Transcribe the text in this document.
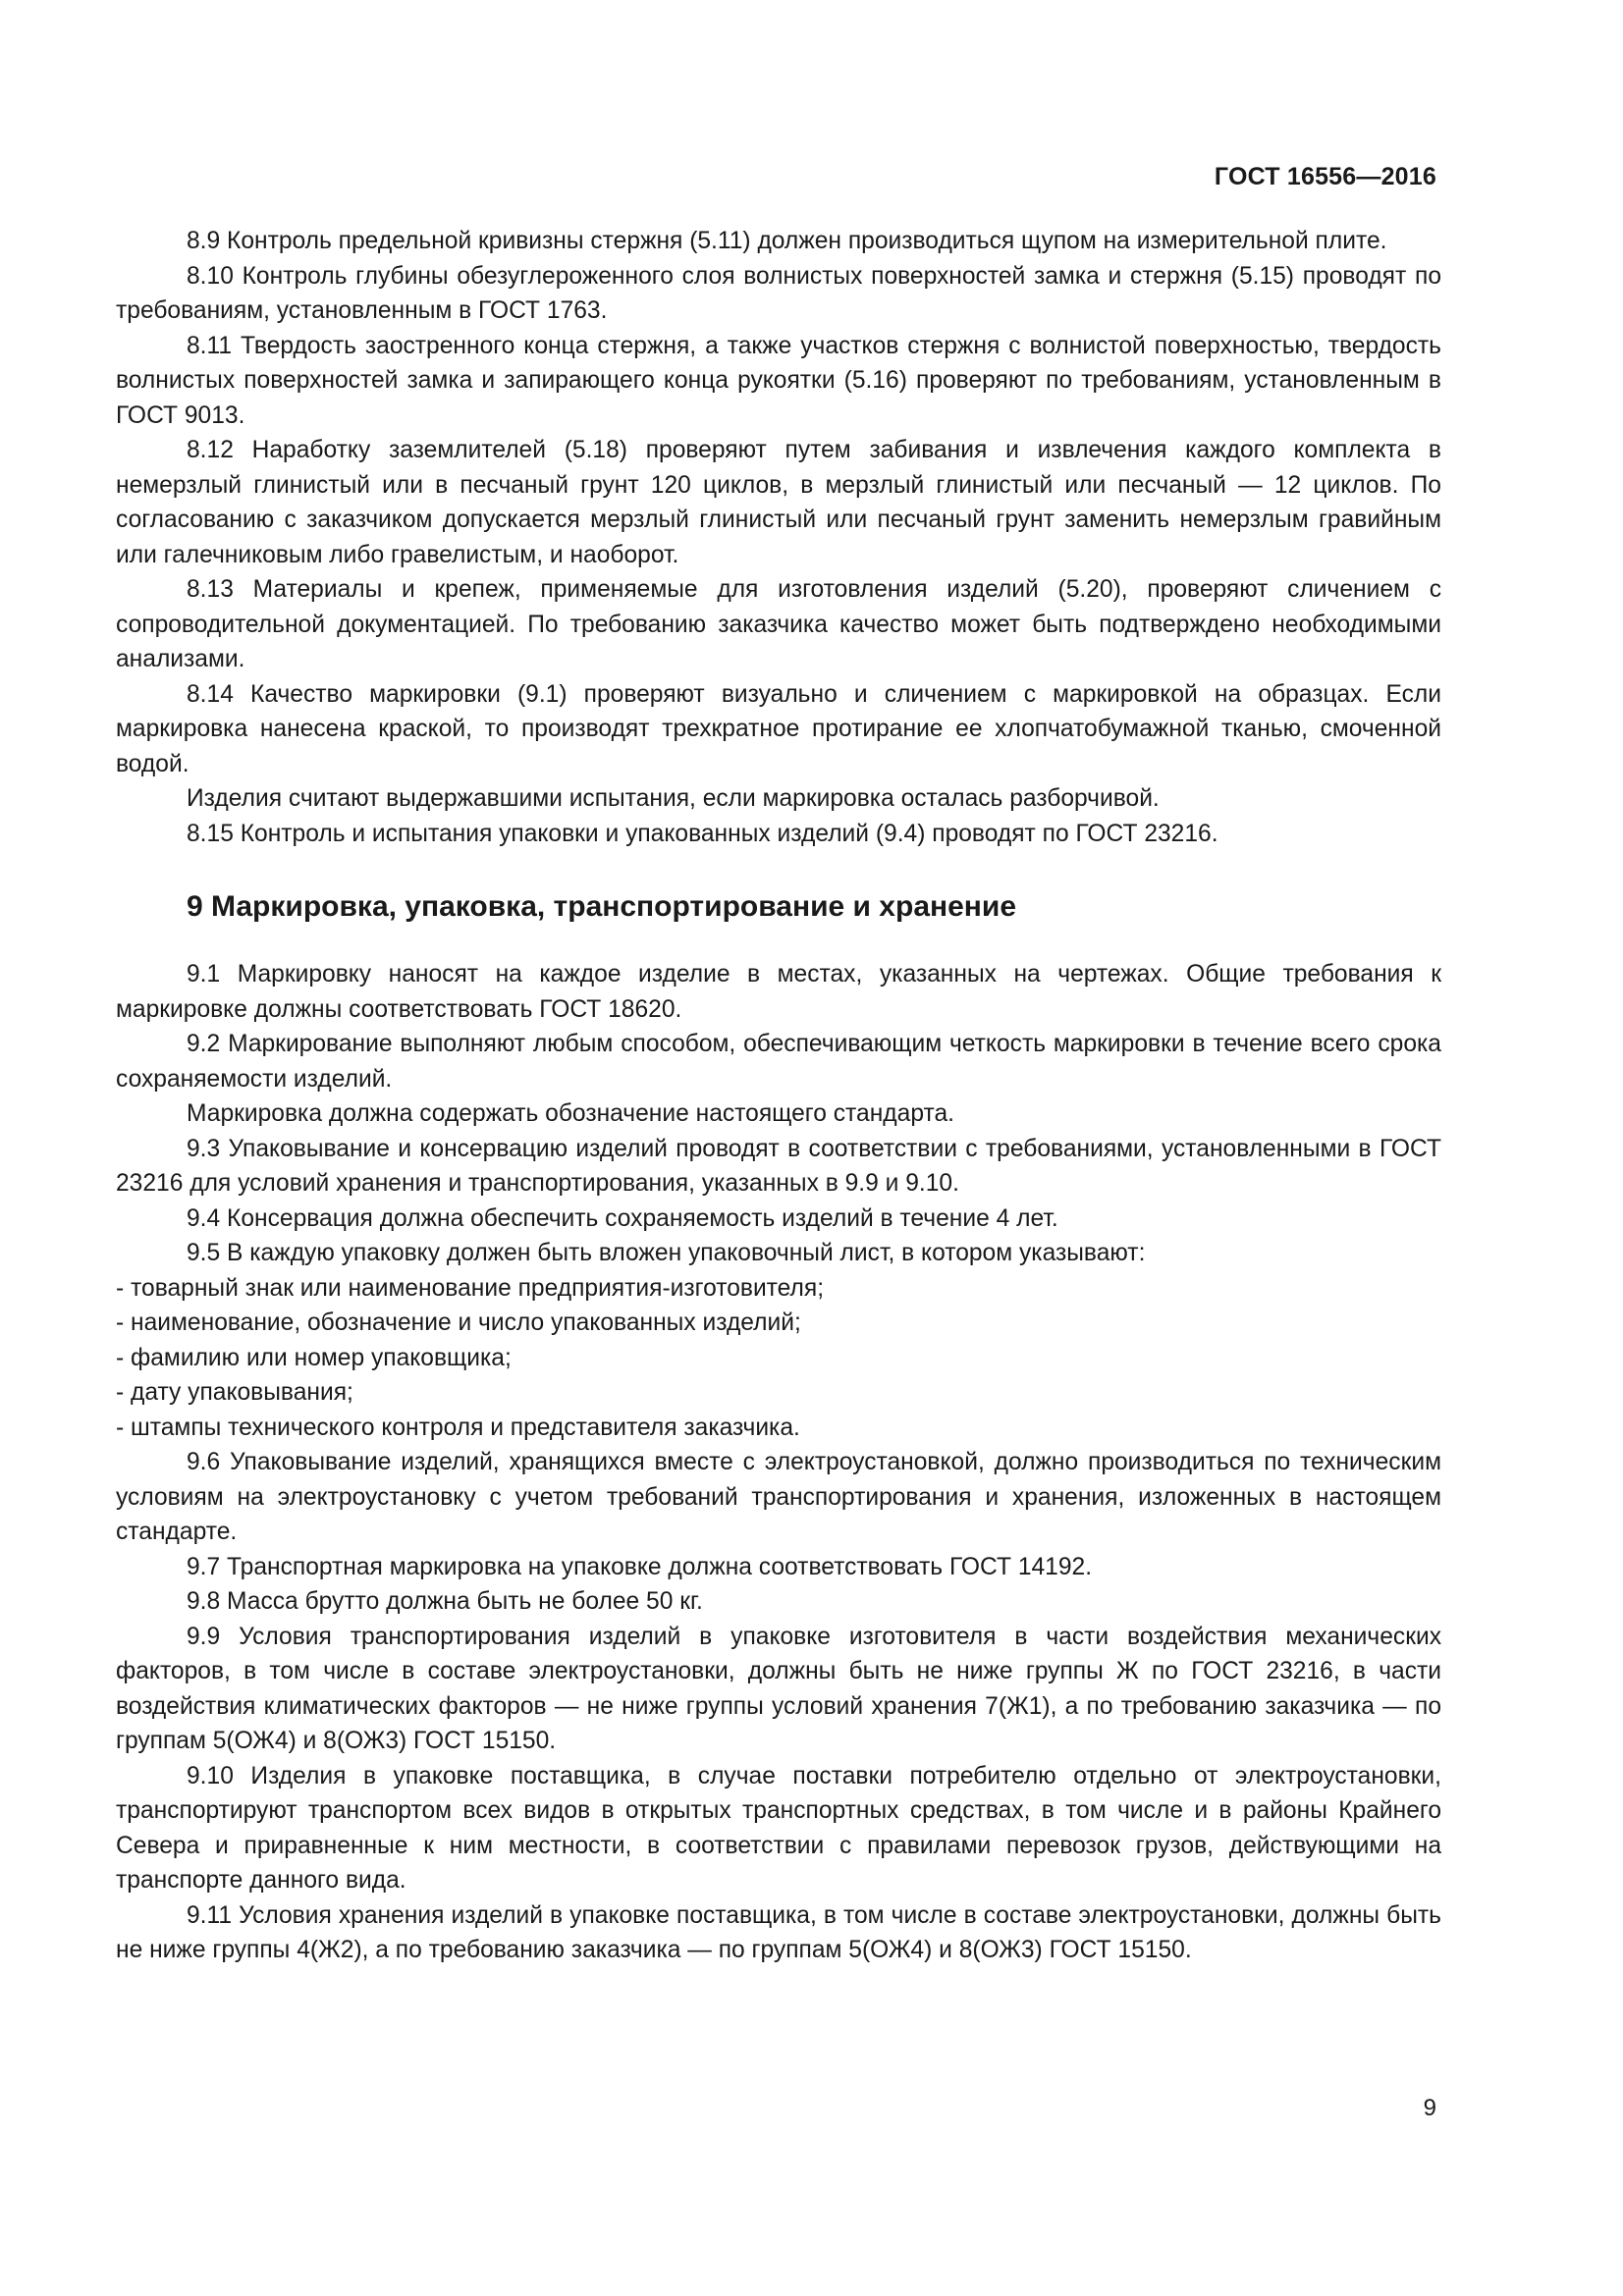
ГОСТ 16556—2016

8.9 Контроль предельной кривизны стержня (5.11) должен производиться щупом на измерительной плите.

8.10 Контроль глубины обезуглероженного слоя волнистых поверхностей замка и стержня (5.15) проводят по требованиям, установленным в ГОСТ 1763.

8.11 Твердость заостренного конца стержня, а также участков стержня с волнистой поверхностью, твердость волнистых поверхностей замка и запирающего конца рукоятки (5.16) проверяют по требованиям, установленным в ГОСТ 9013.

8.12 Наработку заземлителей (5.18) проверяют путем забивания и извлечения каждого комплекта в немерзлый глинистый или в песчаный грунт 120 циклов, в мерзлый глинистый или песчаный — 12 циклов. По согласованию с заказчиком допускается мерзлый глинистый или песчаный грунт заменить немерзлым гравийным или галечниковым либо гравелистым, и наоборот.

8.13 Материалы и крепеж, применяемые для изготовления изделий (5.20), проверяют сличением с сопроводительной документацией. По требованию заказчика качество может быть подтверждено необходимыми анализами.

8.14 Качество маркировки (9.1) проверяют визуально и сличением с маркировкой на образцах. Если маркировка нанесена краской, то производят трехкратное протирание ее хлопчатобумажной тканью, смоченной водой.

Изделия считают выдержавшими испытания, если маркировка осталась разборчивой.

8.15 Контроль и испытания упаковки и упакованных изделий (9.4) проводят по ГОСТ 23216.

9 Маркировка, упаковка, транспортирование и хранение

9.1 Маркировку наносят на каждое изделие в местах, указанных на чертежах. Общие требования к маркировке должны соответствовать ГОСТ 18620.

9.2 Маркирование выполняют любым способом, обеспечивающим четкость маркировки в течение всего срока сохраняемости изделий.

Маркировка должна содержать обозначение настоящего стандарта.

9.3 Упаковывание и консервацию изделий проводят в соответствии с требованиями, установленными в ГОСТ 23216 для условий хранения и транспортирования, указанных в 9.9 и 9.10.

9.4 Консервация должна обеспечить сохраняемость изделий в течение 4 лет.

9.5 В каждую упаковку должен быть вложен упаковочный лист, в котором указывают:

- товарный знак или наименование предприятия-изготовителя;

- наименование, обозначение и число упакованных изделий;

- фамилию или номер упаковщика;

- дату упаковывания;

- штампы технического контроля и представителя заказчика.

9.6 Упаковывание изделий, хранящихся вместе с электроустановкой, должно производиться по техническим условиям на электроустановку с учетом требований транспортирования и хранения, изложенных в настоящем стандарте.

9.7 Транспортная маркировка на упаковке должна соответствовать ГОСТ 14192.

9.8 Масса брутто должна быть не более 50 кг.

9.9 Условия транспортирования изделий в упаковке изготовителя в части воздействия механических факторов, в том числе в составе электроустановки, должны быть не ниже группы Ж по ГОСТ 23216, в части воздействия климатических факторов — не ниже группы условий хранения 7(Ж1), а по требованию заказчика — по группам 5(ОЖ4) и 8(ОЖ3) ГОСТ 15150.

9.10 Изделия в упаковке поставщика, в случае поставки потребителю отдельно от электроустановки, транспортируют транспортом всех видов в открытых транспортных средствах, в том числе и в районы Крайнего Севера и приравненные к ним местности, в соответствии с правилами перевозок грузов, действующими на транспорте данного вида.

9.11 Условия хранения изделий в упаковке поставщика, в том числе в составе электроустановки, должны быть не ниже группы 4(Ж2), а по требованию заказчика — по группам 5(ОЖ4) и 8(ОЖ3) ГОСТ 15150.

9
